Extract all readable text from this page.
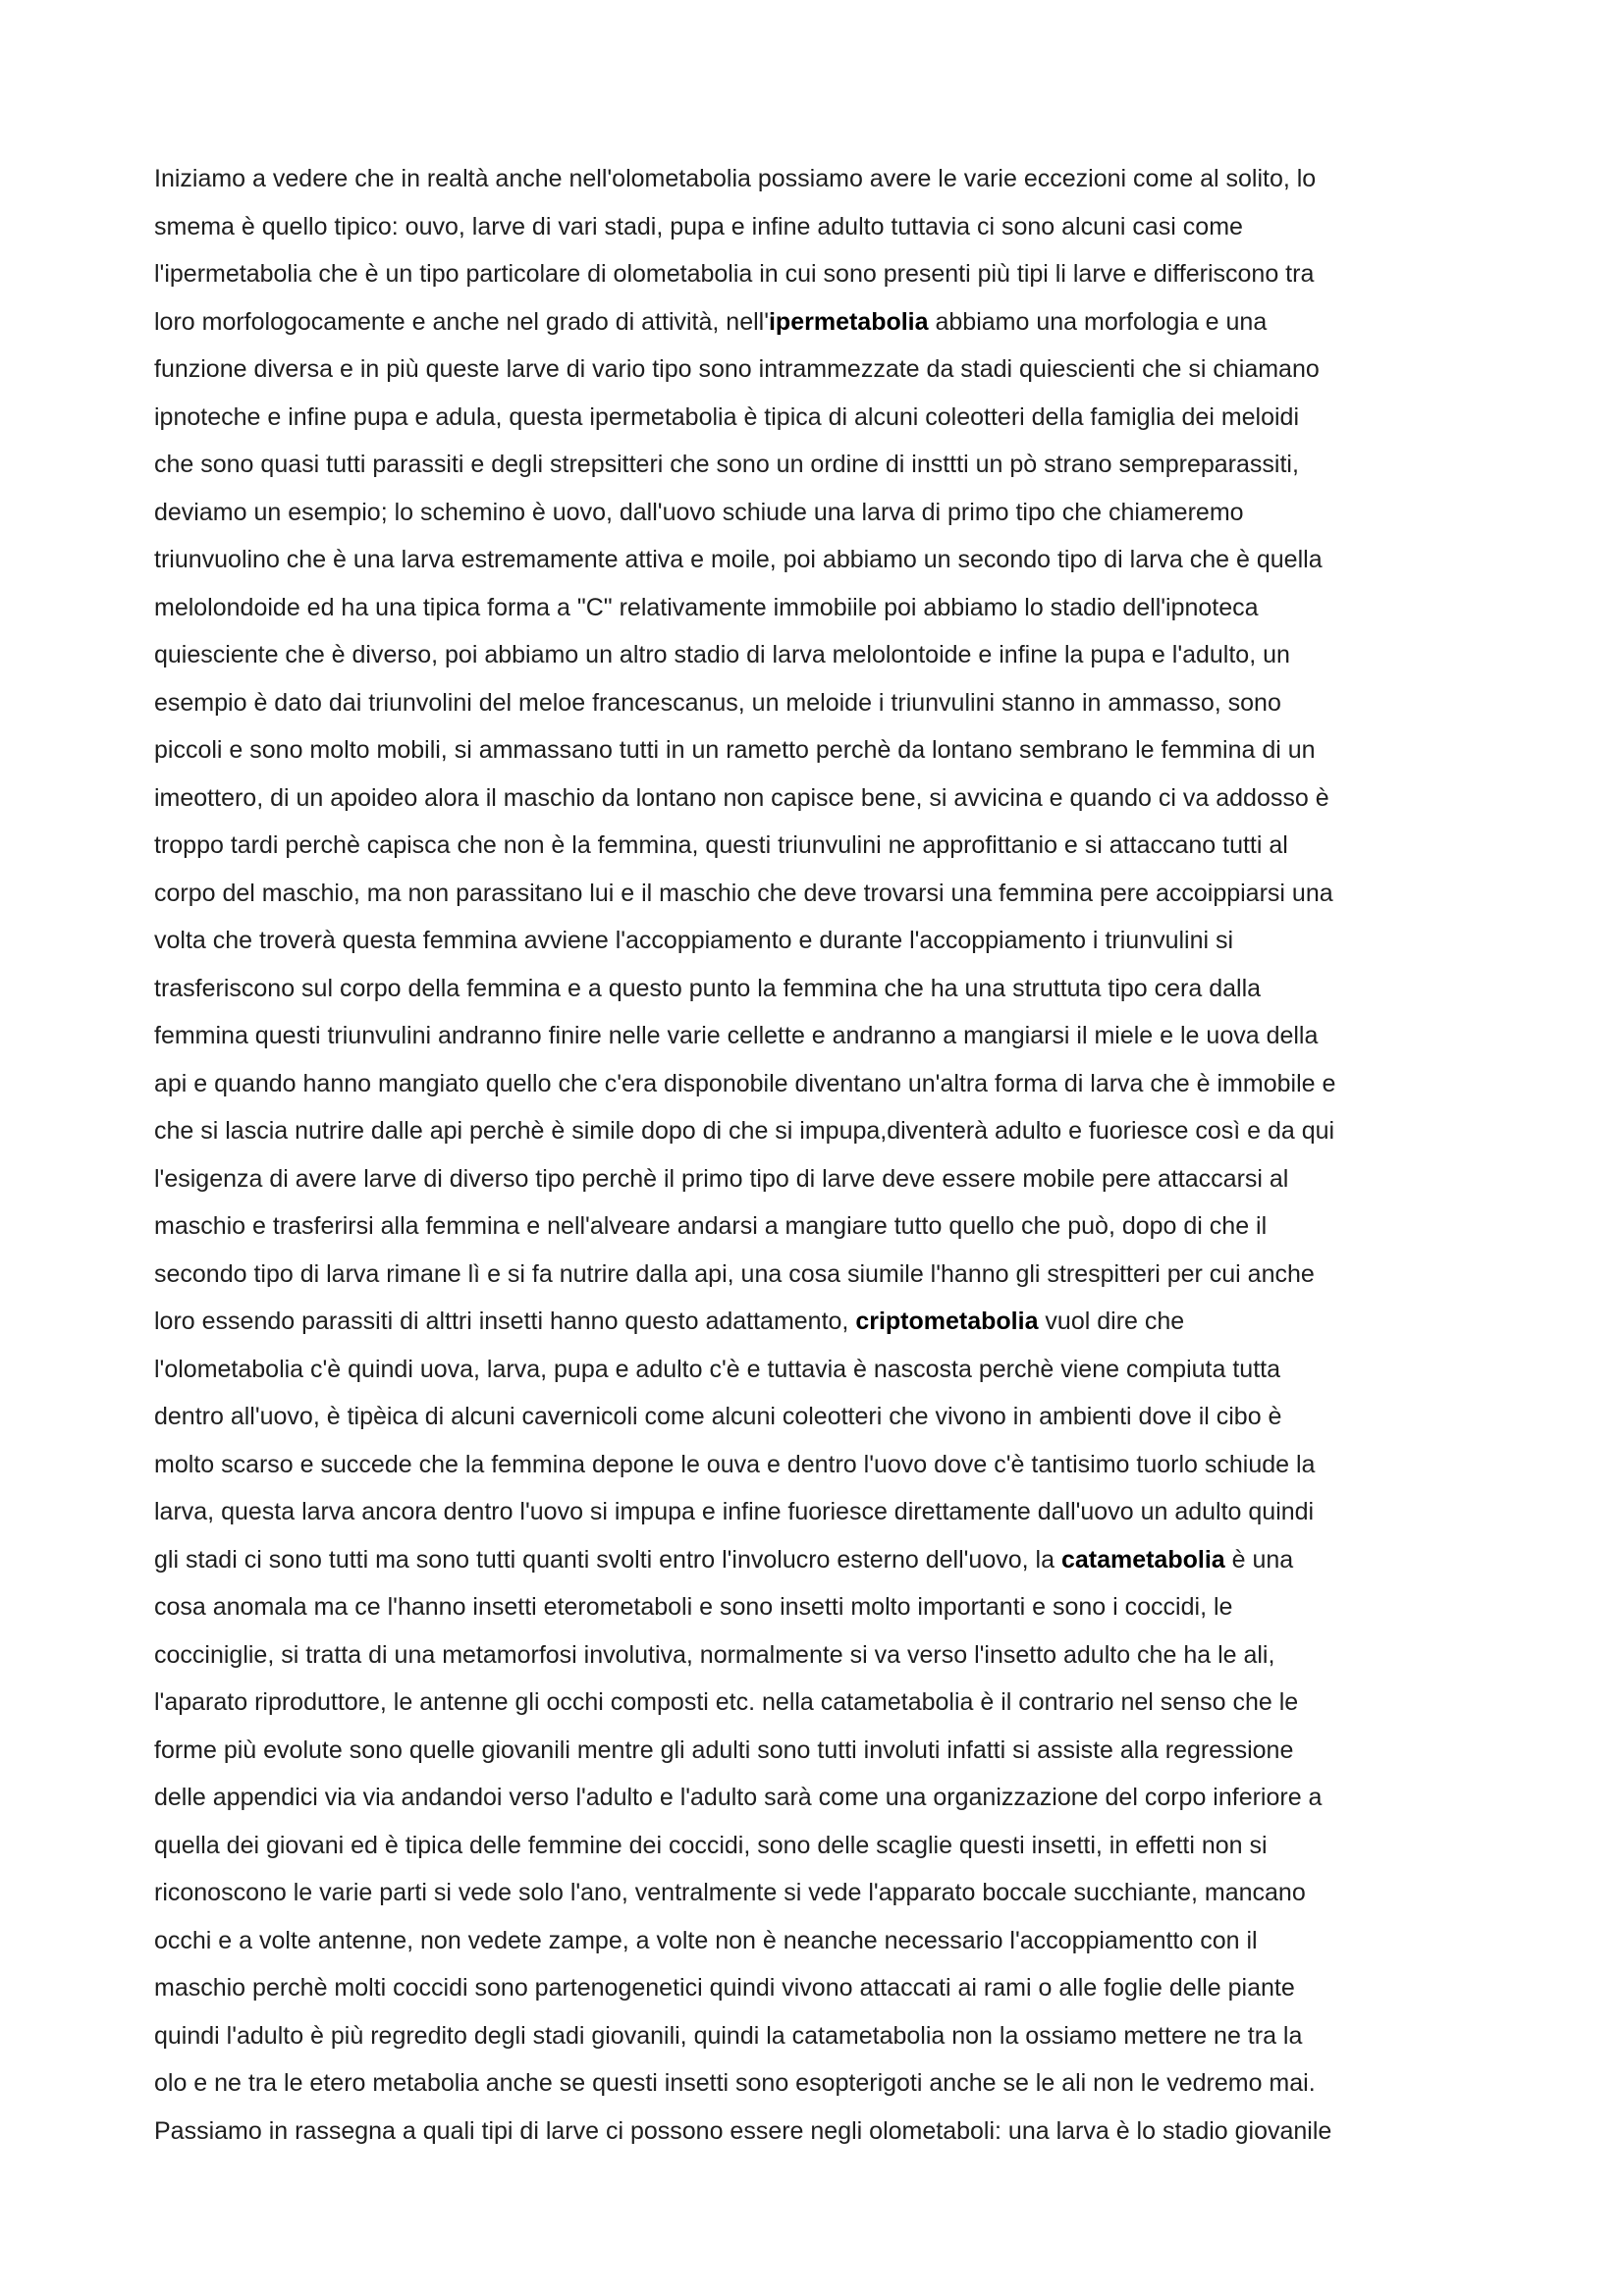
Iniziamo a vedere che in realtà anche nell'olometabolia possiamo avere le varie eccezioni come al solito, lo
smema è quello tipico: ouvo, larve di vari stadi, pupa e infine adulto tuttavia ci sono alcuni casi come
l'ipermetabolia che è un tipo particolare di olometabolia in cui sono presenti più tipi li larve e differiscono tra
loro morfologocamente e anche nel grado di attività, nell'ipermetabolia abbiamo una morfologia e una
funzione diversa e in più queste larve di vario tipo sono intrammezzate da stadi quiescienti che si chiamano
ipnoteche e infine pupa e adula, questa ipermetabolia è tipica di alcuni coleotteri della famiglia dei meloidi
che sono quasi tutti parassiti e degli strepsitteri che sono un ordine di insttti un pò strano sempreparassiti,
deviamo un esempio; lo schemino è uovo, dall'uovo schiude una larva di primo tipo che chiameremo
triunvuolino che è una larva estremamente attiva e moile, poi abbiamo un secondo tipo di larva che è quella
melolondoide ed ha una tipica forma a "C" relativamente immobiile poi abbiamo lo stadio dell'ipnoteca
quiesciente che è diverso, poi abbiamo un altro stadio di larva melolontoide e infine la pupa e l'adulto, un
esempio è dato dai triunvolini del meloe francescanus, un meloide i triunvulini stanno in ammasso, sono
piccoli e sono molto mobili, si ammassano tutti in un rametto perchè da lontano sembrano le femmina di un
imeottero, di un apoideo alora il maschio da lontano non capisce bene, si avvicina e quando ci va addosso è
troppo tardi perchè capisca che non è la femmina, questi triunvulini ne approfittanio e si attaccano tutti al
corpo del maschio, ma non parassitano lui e il maschio che deve trovarsi una femmina pere accoippiarsi una
volta che troverà questa femmina avviene l'accoppiamento e durante l'accoppiamento i triunvulini si
trasferiscono sul corpo della femmina e a questo punto la femmina che ha una struttuta tipo cera dalla
femmina questi triunvulini andranno finire nelle varie cellette e andranno a mangiarsi il miele e le uova della
api e quando hanno mangiato quello che c'era disponobile diventano un'altra forma di larva che è immobile e
che si lascia nutrire dalle api perchè è simile dopo di che si impupa,diventerà adulto e fuoriesce così e da qui
l'esigenza di avere larve di diverso tipo perchè il primo tipo di larve deve essere mobile pere attaccarsi al
maschio e trasferirsi alla femmina e nell'alveare andarsi a mangiare tutto quello che può, dopo di che il
secondo tipo di larva rimane lì e si fa nutrire dalla api, una cosa siumile l'hanno gli strespitteri per cui anche
loro essendo parassiti di alttri insetti hanno questo adattamento, criptometabolia vuol dire che
l'olometabolia c'è quindi uova, larva, pupa e adulto c'è e tuttavia è nascosta perchè viene compiuta tutta
dentro all'uovo, è tipèica di alcuni cavernicoli come alcuni coleotteri che vivono in ambienti dove il cibo è
molto scarso e succede che la femmina depone le ouva e dentro l'uovo dove c'è tantisimo tuorlo schiude la
larva, questa larva ancora dentro l'uovo si impupa e infine fuoriesce direttamente dall'uovo un adulto quindi
gli stadi ci sono tutti ma sono tutti quanti svolti entro l'involucro esterno dell'uovo, la catametabolia è una
cosa anomala ma ce l'hanno insetti eterometaboli e sono insetti molto importanti e sono i coccidi, le
cocciniglie, si tratta di una metamorfosi involutiva, normalmente si va verso l'insetto adulto che ha le ali,
l'aparato riproduttore, le antenne gli occhi composti etc. nella catametabolia è il contrario nel senso che le
forme più evolute sono quelle giovanili mentre gli adulti sono tutti involuti infatti si assiste alla regressione
delle appendici via via andandoi verso l'adulto e l'adulto sarà come una organizzazione del corpo inferiore a
quella dei giovani ed è tipica delle femmine dei coccidi, sono delle scaglie questi insetti, in effetti non si
riconoscono le varie parti si vede solo l'ano, ventralmente si vede l'apparato boccale succhiante, mancano
occhi e a volte antenne, non vedete zampe, a volte non è neanche necessario l'accoppiamentto con il
maschio perchè molti coccidi sono partenogenetici quindi vivono attaccati ai rami o alle foglie delle piante
quindi l'adulto è più regredito degli stadi giovanili, quindi la catametabolia non la ossiamo mettere ne tra la
olo e ne tra le etero metabolia anche se questi insetti sono esopterigoti anche se le ali non le vedremo mai.
Passiamo in rassegna a quali tipi di larve ci possono essere negli olometaboli: una larva è lo stadio giovanile
